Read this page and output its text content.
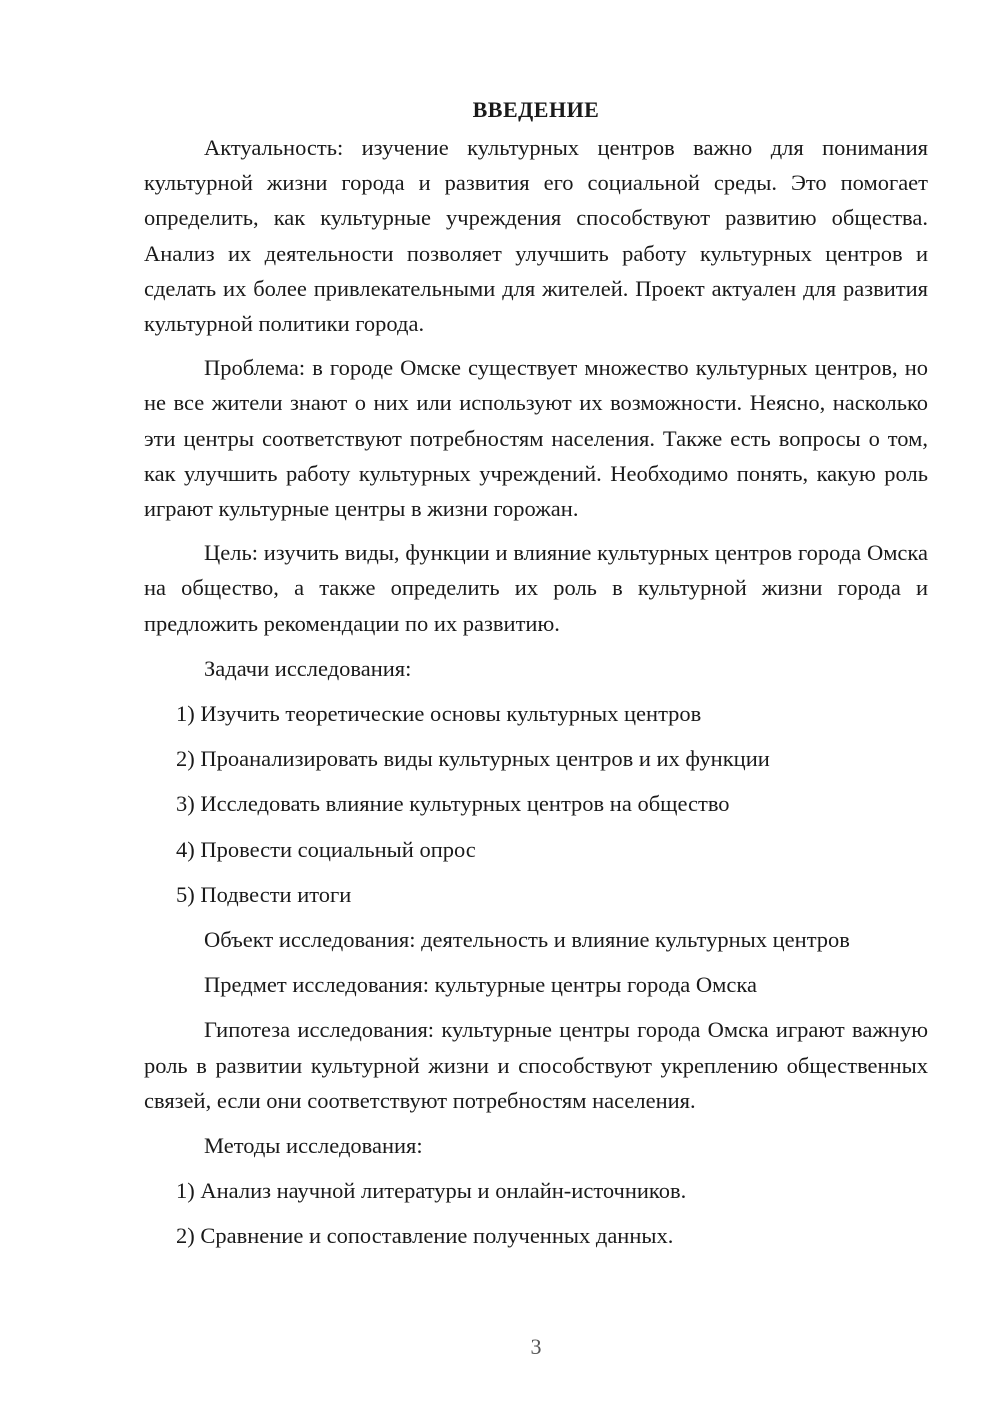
ВВЕДЕНИЕ

Актуальность: изучение культурных центров важно для понимания культурной жизни города и развития его социальной среды. Это помогает определить, как культурные учреждения способствуют развитию общества. Анализ их деятельности позволяет улучшить работу культурных центров и сделать их более привлекательными для жителей. Проект актуален для развития культурной политики города.

Проблема: в городе Омске существует множество культурных центров, но не все жители знают о них или используют их возможности. Неясно, насколько эти центры соответствуют потребностям населения. Также есть вопросы о том, как улучшить работу культурных учреждений. Необходимо понять, какую роль играют культурные центры в жизни горожан.

Цель: изучить виды, функции и влияние культурных центров города Омска на общество, а также определить их роль в культурной жизни города и предложить рекомендации по их развитию.

Задачи исследования:

1) Изучить теоретические основы культурных центров

2) Проанализировать виды культурных центров и их функции

3) Исследовать влияние культурных центров на общество

4) Провести социальный опрос

5) Подвести итоги

Объект исследования: деятельность и влияние культурных центров

Предмет исследования: культурные центры города Омска

Гипотеза исследования: культурные центры города Омска играют важную роль в развитии культурной жизни и способствуют укреплению общественных связей, если они соответствуют потребностям населения.

Методы исследования:

1) Анализ научной литературы и онлайн-источников.

2) Сравнение и сопоставление полученных данных.

3
